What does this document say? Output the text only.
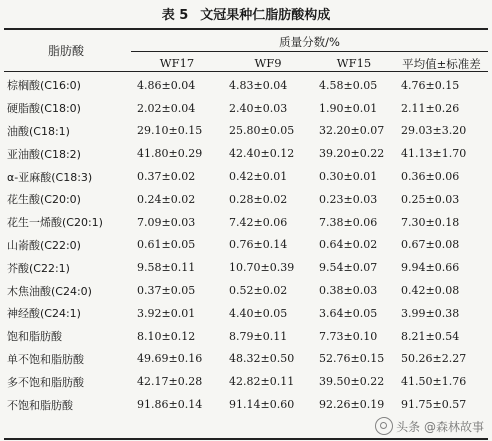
表 5 文冠果种仁脂肪酸构成
脂肪酸
质量分数/%
WF17	WF9	WF15	平均值±标准差
棕榈酸(C16:0)	4.86±0.04	4.83±0.04	4.58±0.05	4.76±0.15
硬脂酸(C18:0)	2.02±0.04	2.40±0.03	1.90±0.01	2.11±0.26
油酸(C18:1)	29.10±0.15	25.80±0.05	32.20±0.07	29.03±3.20
亚油酸(C18:2)	41.80±0.29	42.40±0.12	39.20±0.22	41.13±1.70
α-亚麻酸(C18:3)	0.37±0.02	0.42±0.01	0.30±0.01	0.36±0.06
花生酸(C20:0)	0.24±0.02	0.28±0.02	0.23±0.03	0.25±0.03
花生一烯酸(C20:1)	7.09±0.03	7.42±0.06	7.38±0.06	7.30±0.18
山嵛酸(C22:0)	0.61±0.05	0.76±0.14	0.64±0.02	0.67±0.08
芥酸(C22:1)	9.58±0.11	10.70±0.39	9.54±0.07	9.94±0.66
木焦油酸(C24:0)	0.37±0.05	0.52±0.02	0.38±0.03	0.42±0.08
神经酸(C24:1)	3.92±0.01	4.40±0.05	3.64±0.05	3.99±0.38
饱和脂肪酸	8.10±0.12	8.79±0.11	7.73±0.10	8.21±0.54
单不饱和脂肪酸	49.69±0.16	48.32±0.50	52.76±0.15	50.26±2.27
多不饱和脂肪酸	42.17±0.28	42.82±0.11	39.50±0.22	41.50±1.76
不饱和脂肪酸	91.86±0.14	91.14±0.60	92.26±0.19	91.75±0.57
头条 @森林故事
